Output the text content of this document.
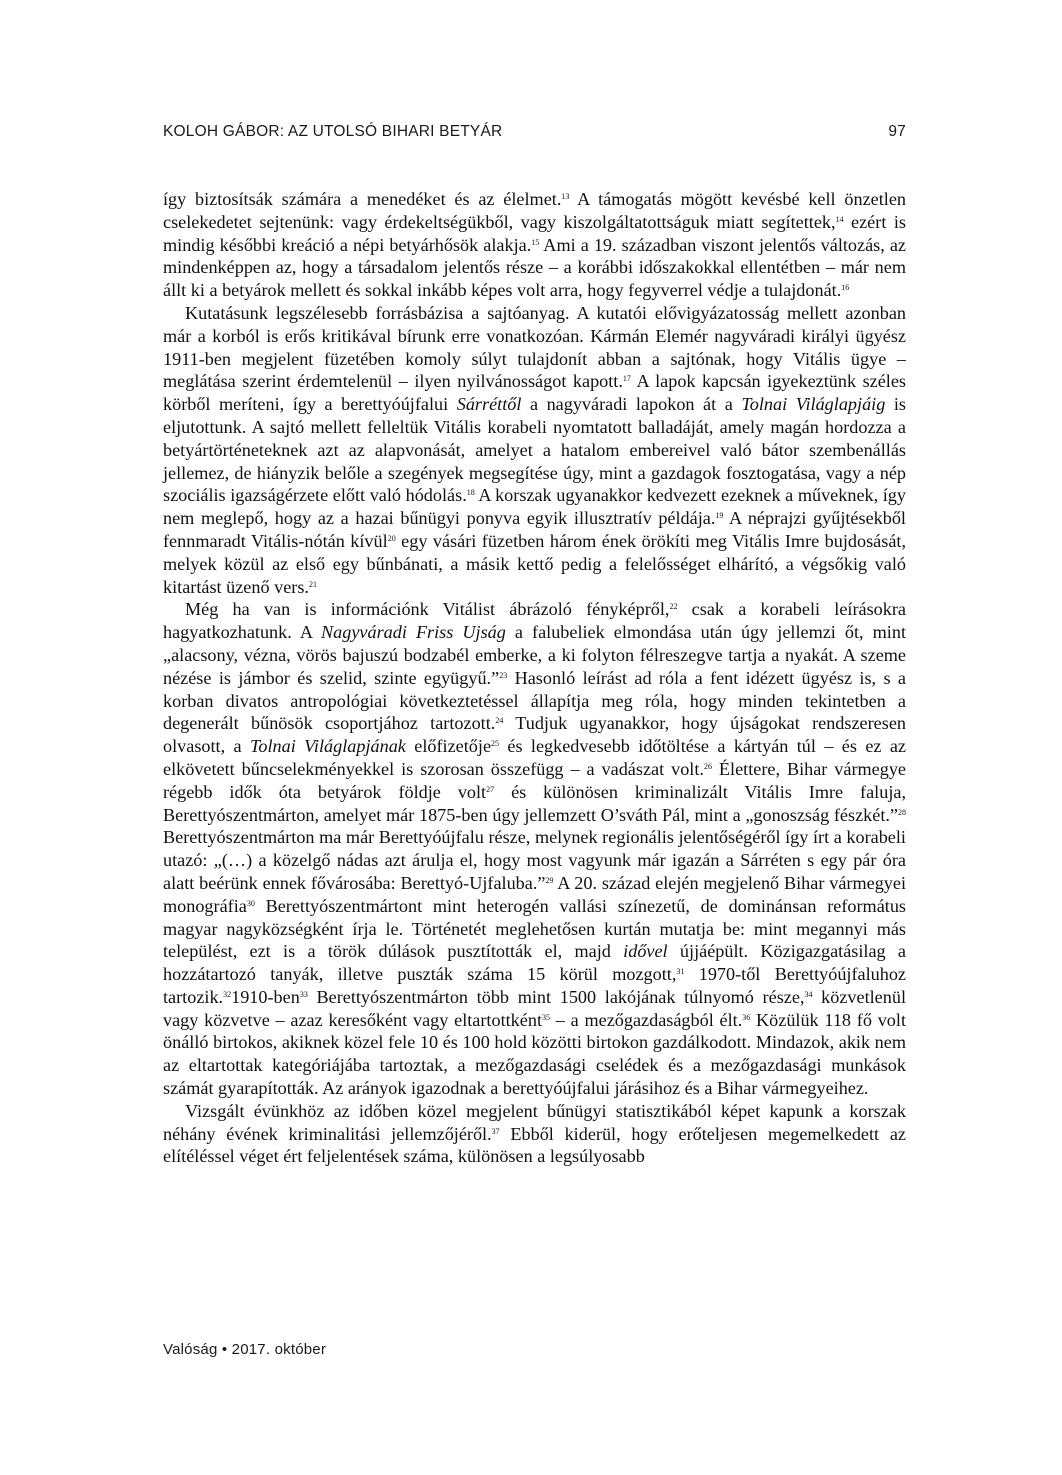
KOLOH GÁBOR: AZ UTOLSÓ BIHARI BETYÁR	97

így biztosítsák számára a menedéket és az élelmet.$^{13}$ A támogatás mögött kevésbé kell önzetlen cselekedetet sejtenünk: vagy érdekeltségükből, vagy kiszolgáltatottságuk miatt segítettek,$^{14}$ ezért is mindig későbbi kreáció a népi betyárhősök alakja.$^{15}$ Ami a 19. században viszont jelentős változás, az mindenképpen az, hogy a társadalom jelentős része – a korábbi időszakokkal ellentétben – már nem állt ki a betyárok mellett és sokkal inkább képes volt arra, hogy fegyverrel védje a tulajdonát.$^{16}$

Kutatásunk legszélesebb forrásbázisa a sajtóanyag. A kutatói elővigyázatosság mellett azonban már a korból is erős kritikával bírunk erre vonatkozóan. Kármán Elemér nagyváradi királyi ügyész 1911-ben megjelent füzetében komoly súlyt tulajdonít abban a sajtónak, hogy Vitális ügye – meglátása szerint érdemtelenül – ilyen nyilvánosságot kapott.$^{17}$ A lapok kapcsán igyekeztünk széles körből meríteni, így a berettyóújfalui Sárréttől a nagyváradi lapokon át a Tolnai Világlapjáig is eljutottunk. A sajtó mellett felleltük Vitális korabeli nyomtatott balladáját, amely magán hordozza a betyártörténeteknek azt az alapvonását, amelyet a hatalom embereivel való bátor szembenállás jellemez, de hiányzik belőle a szegények megsegítése úgy, mint a gazdagok fosztogatása, vagy a nép szociális igazságérzete előtt való hódolás.$^{18}$ A korszak ugyanakkor kedvezett ezeknek a műveknek, így nem meglepő, hogy az a hazai bűnügyi ponyva egyik illusztratív példája.$^{19}$ A néprajzi gyűjtésekből fennmaradt Vitális-nótán kívül$^{20}$ egy vásári füzetben három ének örökíti meg Vitális Imre bujdosását, melyek közül az első egy bűnbánati, a másik kettő pedig a felelősséget elhárító, a végsőkig való kitartást üzenő vers.$^{21}$

Még ha van is információnk Vitálist ábrázoló fényképről,$^{22}$ csak a korabeli leírásokra hagyatkozhatunk. A Nagyváradi Friss Ujság a falubeliek elmondása után úgy jellemzi őt, mint „alacsony, vézna, vörös bajuszú bodzabél emberke, a ki folyton félreszegve tartja a nyakát. A szeme nézése is jámbor és szelid, szinte együgyű.”$^{23}$ Hasonló leírást ad róla a fent idézett ügyész is, s a korban divatos antropológiai következtetéssel állapítja meg róla, hogy minden tekintetben a degenerált bűnösök csoportjához tartozott.$^{24}$ Tudjuk ugyanakkor, hogy újságokat rendszeresen olvasott, a Tolnai Világlapjának előfizetője$^{25}$ és legkedvesebb időtöltése a kártyán túl – és ez az elkövetett bűncselekményekkel is szorosan összefügg – a vadászat volt.$^{26}$ Élettere, Bihar vármegye régebb idők óta betyárok földje volt$^{27}$ és különösen kriminalizált Vitális Imre faluja, Berettyószentmárton, amelyet már 1875-ben úgy jellemzett O’sváth Pál, mint a „gonoszság fészkét.”$^{28}$ Berettyószentmárton ma már Berettyóújfalu része, melynek regionális jelentőségéről így írt a korabeli utazó: „(…) a közelgő nádas azt árulja el, hogy most vagyunk már igazán a Sárréten s egy pár óra alatt beérünk ennek fővárosába: Berettyó-Ujfaluba.”$^{29}$ A 20. század elején megjelenő Bihar vármegyei monográfia$^{30}$ Berettyószentmártont mint heterogén vallási színezetű, de dominánsan református magyar nagyközségként írja le. Történetét meglehetősen kurtán mutatja be: mint megannyi más települést, ezt is a török dúlások pusztították el, majd idővel újjáépült. Közigazgatásilag a hozzátartozó tanyák, illetve puszták száma 15 körül mozgott,$^{31}$ 1970-től Berettyóújfaluhoz tartozik.$^{32}$1910-ben$^{33}$ Berettyószentmárton több mint 1500 lakójának túlnyomó része,$^{34}$ közvetlenül vagy közvetve – azaz keresőként vagy eltartottként$^{35}$ – a mezőgazdaságból élt.$^{36}$ Közülük 118 fő volt önálló birtokos, akiknek közel fele 10 és 100 hold közötti birtokon gazdálkodott. Mindazok, akik nem az eltartottak kategóriájába tartoztak, a mezőgazdasági cselédek és a mezőgazdasági munkások számát gyarapították. Az arányok igazodnak a berettyóújfalui járásihoz és a Bihar vármegyeihez.

Vizsgált évünkhöz az időben közel megjelent bűnügyi statisztikából képet kapunk a korszak néhány évének kriminalitási jellemzőjéről.$^{37}$ Ebből kiderül, hogy erőteljesen megemelkedett az elítéléssel véget ért feljelentések száma, különösen a legsúlyosabb

Valóság • 2017. október
